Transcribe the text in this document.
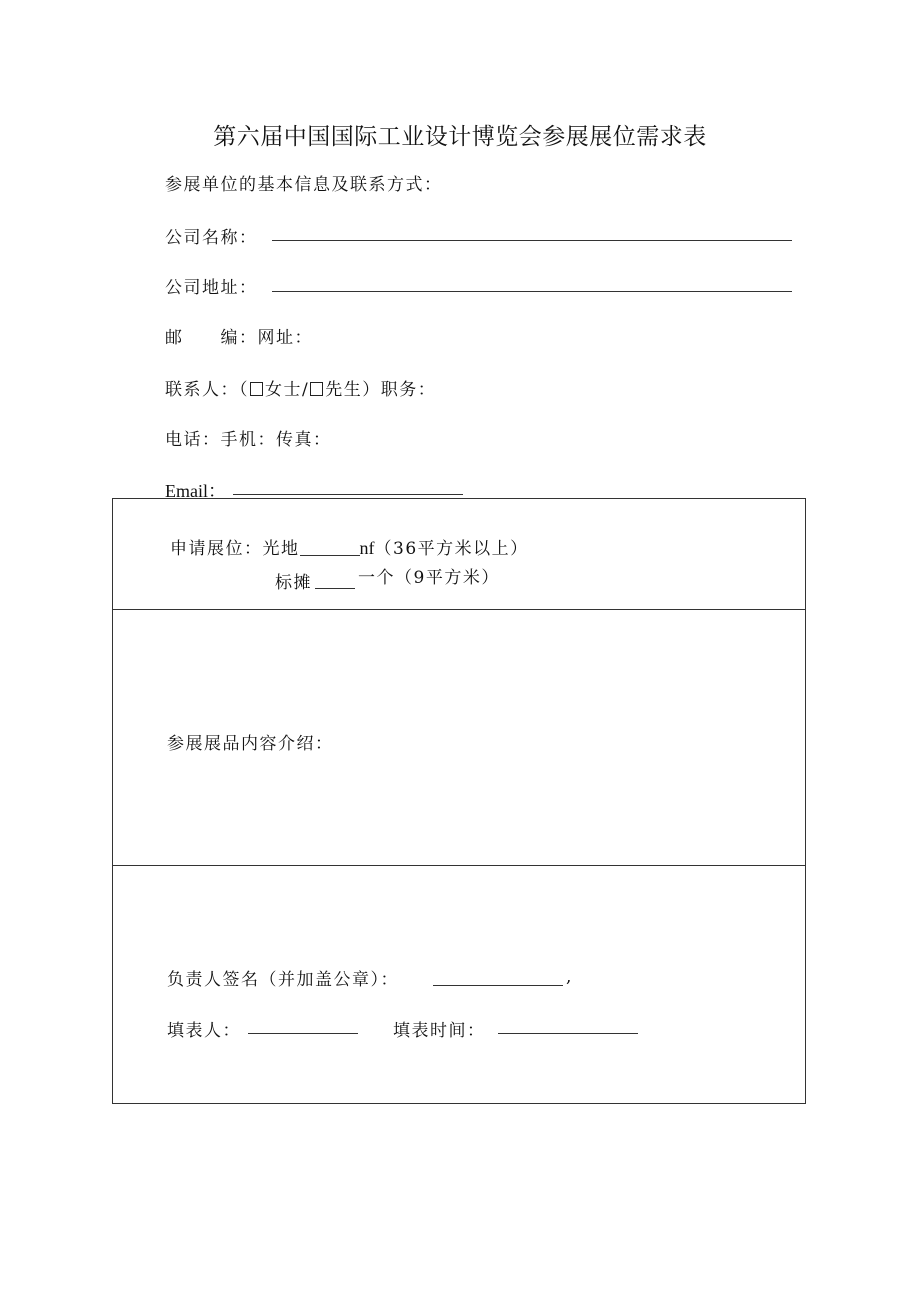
第六届中国国际工业设计博览会参展展位需求表
参展单位的基本信息及联系方式：
公司名称：
公司地址：
邮　　编：网址：
联系人：（ 女士/ 先生）职务：
电话：手机：传真：
Email：
申请展位：光地	nf（36平方米以上）
标摊	一个（9平方米）
参展展品内容介绍：
负责人签名（并加盖公章）：	,
填表人：	填表时间：
